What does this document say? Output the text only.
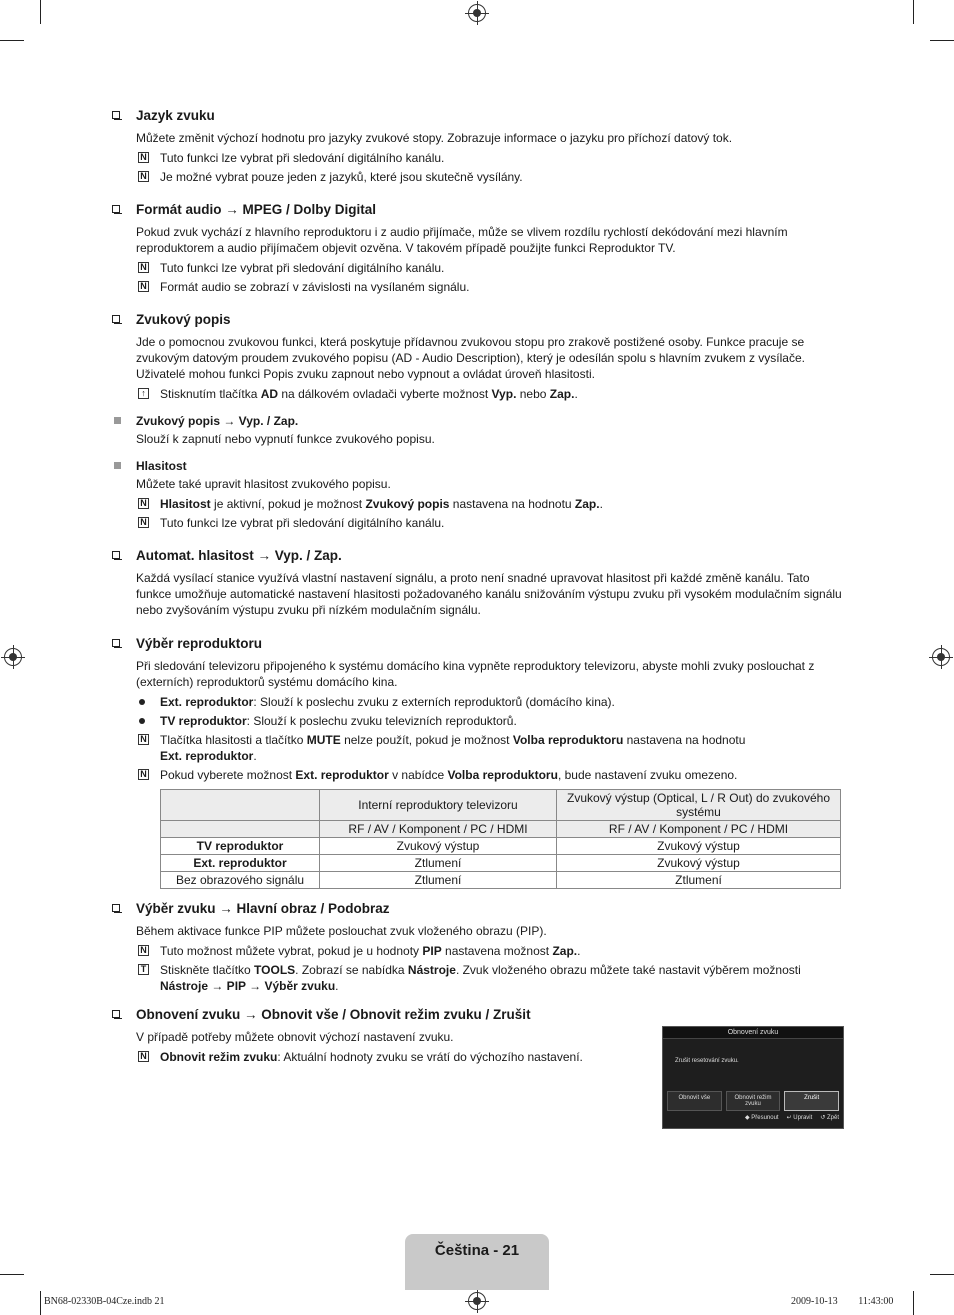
Jazyk zvuku
Můžete změnit výchozí hodnotu pro jazyky zvukové stopy. Zobrazuje informace o jazyku pro příchozí datový tok.
N Tuto funkci lze vybrat při sledování digitálního kanálu.
N Je možné vybrat pouze jeden z jazyků, které jsou skutečně vysílány.
Formát audio → MPEG / Dolby Digital
Pokud zvuk vychází z hlavního reproduktoru i z audio přijímače, může se vlivem rozdílu rychlostí dekódování mezi hlavním reproduktorem a audio přijímačem objevit ozvěna. V takovém případě použijte funkci Reproduktor TV.
N Tuto funkci lze vybrat při sledování digitálního kanálu.
N Formát audio se zobrazí v závislosti na vysílaném signálu.
Zvukový popis
Jde o pomocnou zvukovou funkci, která poskytuje přídavnou zvukovou stopu pro zrakově postižené osoby. Funkce pracuje se zvukovým datovým proudem zvukového popisu (AD - Audio Description), který je odesílán spolu s hlavním zvukem z vysílače. Uživatelé mohou funkci Popis zvuku zapnout nebo vypnout a ovládat úroveň hlasitosti.
↑ Stisknutím tlačítka AD na dálkovém ovladači vyberte možnost Vyp. nebo Zap..
Zvukový popis → Vyp. / Zap.
Slouží k zapnutí nebo vypnutí funkce zvukového popisu.
Hlasitost
Můžete také upravit hlasitost zvukového popisu.
N Hlasitost je aktivní, pokud je možnost Zvukový popis nastavena na hodnotu Zap..
N Tuto funkci lze vybrat při sledování digitálního kanálu.
Automat. hlasitost → Vyp. / Zap.
Každá vysílací stanice využívá vlastní nastavení signálu, a proto není snadné upravovat hlasitost při každé změně kanálu. Tato funkce umožňuje automatické nastavení hlasitosti požadovaného kanálu snižováním výstupu zvuku při vysokém modulačním signálu nebo zvyšováním výstupu zvuku při nízkém modulačním signálu.
Výběr reproduktoru
Při sledování televizoru připojeného k systému domácího kina vypněte reproduktory televizoru, abyste mohli zvuky poslouchat z (externích) reproduktorů systému domácího kina.
Ext. reproduktor: Slouží k poslechu zvuku z externích reproduktorů (domácího kina).
TV reproduktor: Slouží k poslechu zvuku televizních reproduktorů.
N Tlačítka hlasitosti a tlačítko MUTE nelze použít, pokud je možnost Volba reproduktoru nastavena na hodnotu
Ext. reproduktor.
N Pokud vyberete možnost Ext. reproduktor v nabídce Volba reproduktoru, bude nastavení zvuku omezeno.
	Interní reproduktory televizoru	Zvukový výstup (Optical, L / R Out) do zvukového systému
	RF / AV / Komponent / PC / HDMI	RF / AV / Komponent / PC / HDMI
TV reproduktor	Zvukový výstup	Zvukový výstup
Ext. reproduktor	Ztlumení	Zvukový výstup
Bez obrazového signálu	Ztlumení	Ztlumení
Výběr zvuku → Hlavní obraz / Podobraz
Během aktivace funkce PIP můžete poslouchat zvuk vloženého obrazu (PIP).
N Tuto možnost můžete vybrat, pokud je u hodnoty PIP nastavena možnost Zap..
T Stiskněte tlačítko TOOLS. Zobrazí se nabídka Nástroje. Zvuk vloženého obrazu můžete také nastavit výběrem možnosti
Nástroje → PIP → Výběr zvuku.
Obnovení zvuku → Obnovit vše / Obnovit režim zvuku / Zrušit
V případě potřeby můžete obnovit výchozí nastavení zvuku.
N Obnovit režim zvuku: Aktuální hodnoty zvuku se vrátí do výchozího nastavení.
Obnovení zvuku
Zrušit resetování zvuku.
Obnovit vše	Obnovit režim zvuku
Zrušit
◆ Přesunout ↵ Upravit ↺ Zpět
Čeština - 21
BN68-02330B-04Cze.indb 21	2009-10-13 ￿￿ 11:43:00
